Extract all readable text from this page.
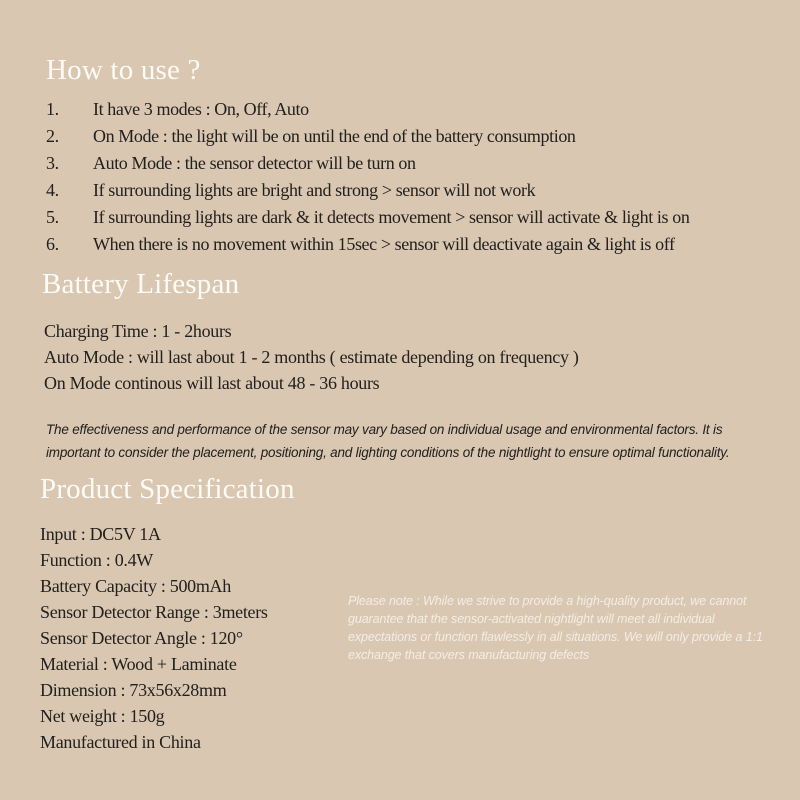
How to use ?
1.	It have 3 modes : On, Off, Auto
2.	On Mode : the light will be on until the end of the battery consumption
3.	Auto Mode : the sensor detector will be turn on
4.	If surrounding lights are bright and strong > sensor will not work
5.	If surrounding lights are dark & it detects movement > sensor will activate & light is on
6.	When there is no movement within 15sec > sensor will deactivate again & light is off
Battery Lifespan

Charging Time : 1 - 2hours

Auto Mode : will last about 1 - 2 months ( estimate depending on frequency )

On Mode continous will last about 48 - 36 hours

The effectiveness and performance of the sensor may vary based on individual usage and environmental factors. It is important to consider the placement, positioning, and lighting conditions of the nightlight to ensure optimal functionality.

Product Specification
Input : DC5V 1A
Function : 0.4W
Battery Capacity : 500mAh
Sensor Detector Range : 3meters
Sensor Detector Angle : 120°
Material : Wood + Laminate
Dimension : 73x56x28mm
Net weight : 150g
Manufactured in China

Please note : While we strive to provide a high-quality product, we cannot guarantee that the sensor-activated nightlight will meet all individual expectations or function flawlessly in all situations. We will only provide a 1:1 exchange that covers manufacturing defects
